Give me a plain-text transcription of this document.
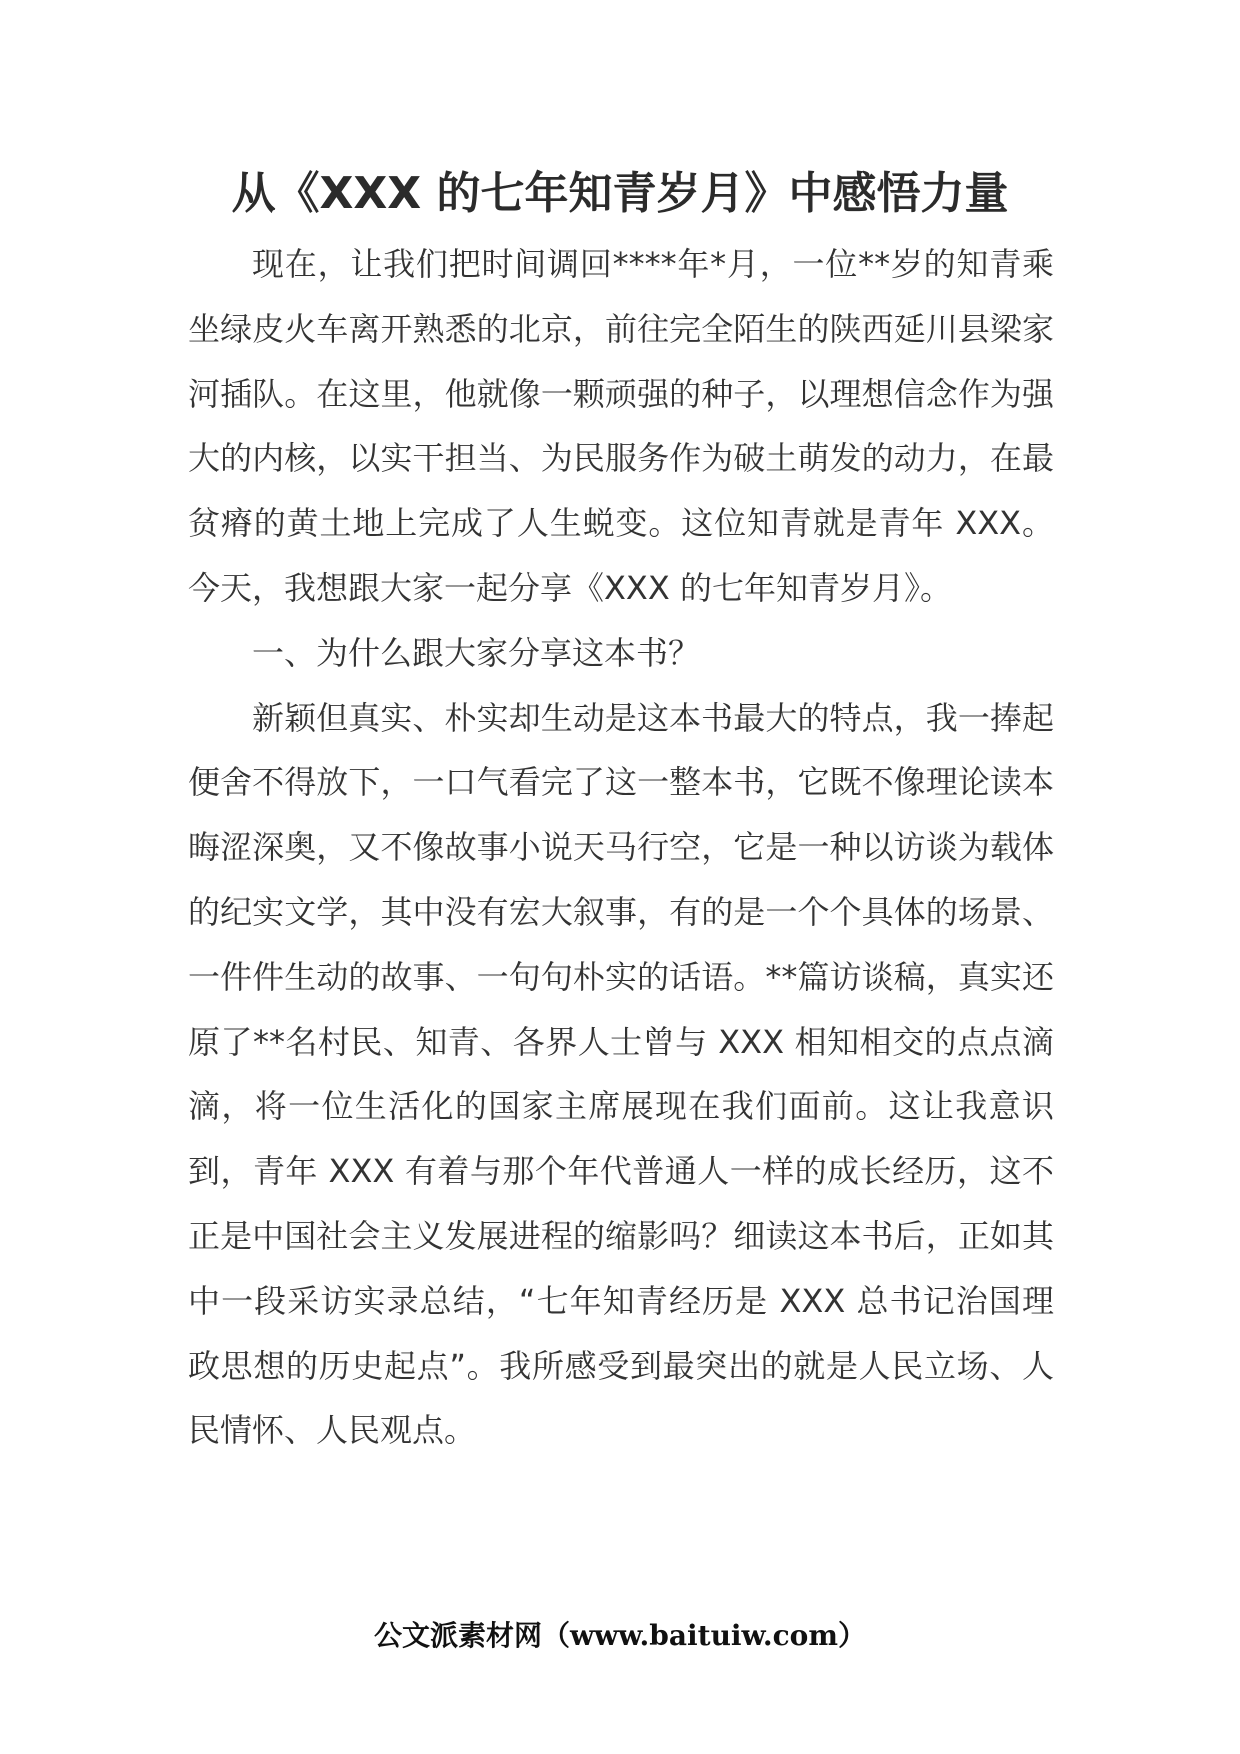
从《XXX 的七年知青岁月》中感悟力量

现在，让我们把时间调回****年*月，一位**岁的知青乘坐绿皮火车离开熟悉的北京，前往完全陌生的陕西延川县梁家河插队。在这里，他就像一颗顽强的种子，以理想信念作为强大的内核，以实干担当、为民服务作为破土萌发的动力，在最贫瘠的黄土地上完成了人生蜕变。这位知青就是青年 XXX。今天，我想跟大家一起分享《XXX 的七年知青岁月》。

一、为什么跟大家分享这本书？

新颖但真实、朴实却生动是这本书最大的特点，我一捧起便舍不得放下，一口气看完了这一整本书，它既不像理论读本晦涩深奥，又不像故事小说天马行空，它是一种以访谈为载体的纪实文学，其中没有宏大叙事，有的是一个个具体的场景、一件件生动的故事、一句句朴实的话语。**篇访谈稿，真实还原了**名村民、知青、各界人士曾与 XXX 相知相交的点点滴滴，将一位生活化的国家主席展现在我们面前。这让我意识到，青年 XXX 有着与那个年代普通人一样的成长经历，这不正是中国社会主义发展进程的缩影吗？细读这本书后，正如其中一段采访实录总结，“七年知青经历是 XXX 总书记治国理政思想的历史起点”。我所感受到最突出的就是人民立场、人民情怀、人民观点。

公文派素材网（www.baituiw.com）
